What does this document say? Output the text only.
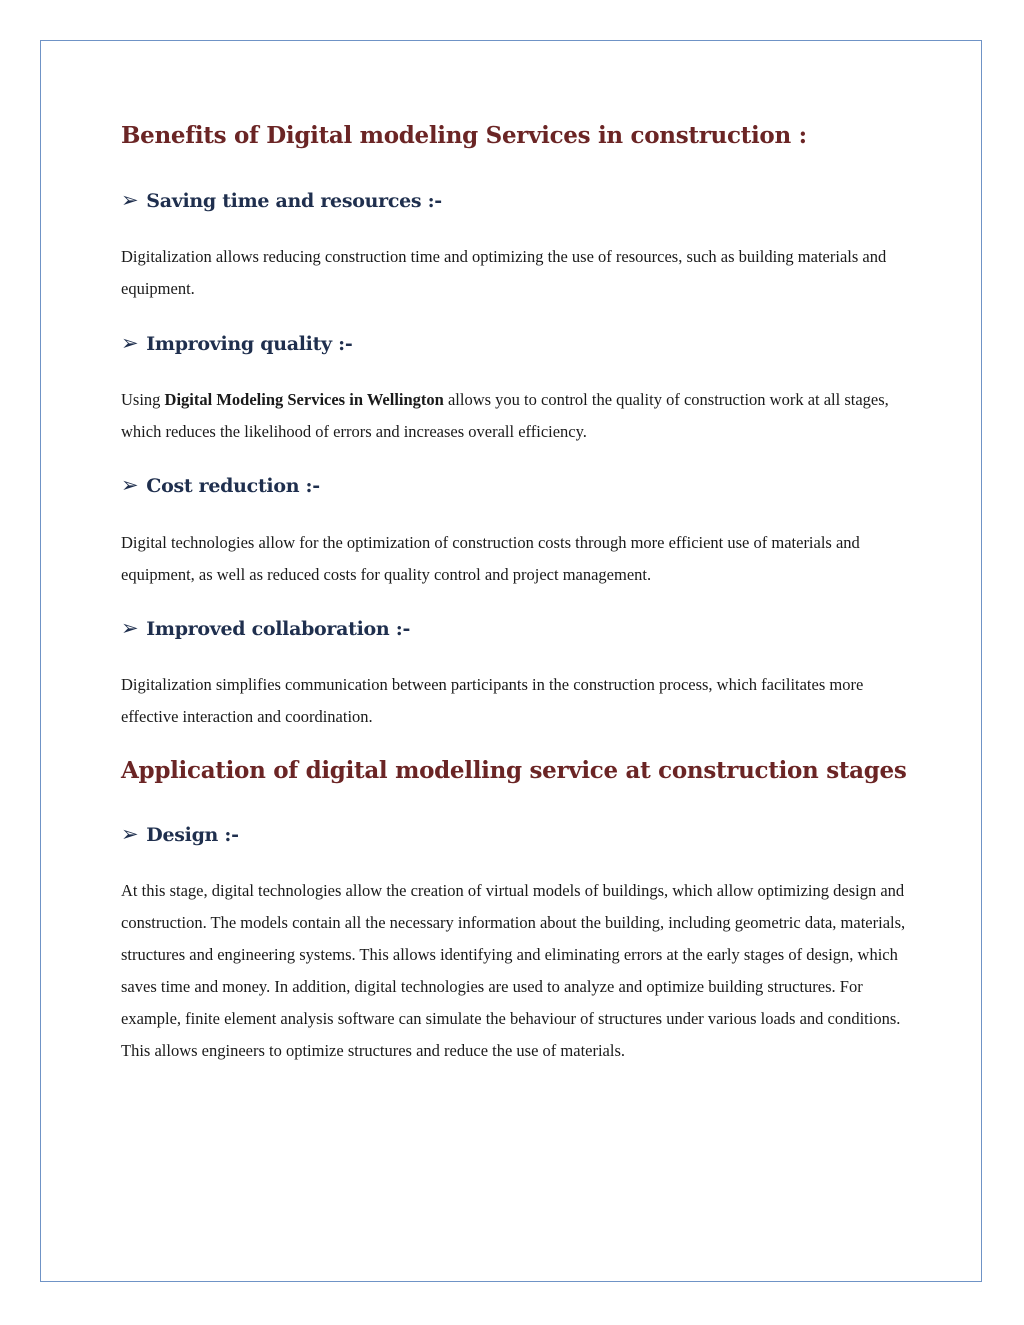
Benefits of Digital modeling Services in construction :
➢ Saving time and resources :-

Digitalization allows reducing construction time and optimizing the use of resources, such as building materials and equipment.

➢ Improving quality :-

Using Digital Modeling Services in Wellington allows you to control the quality of construction work at all stages, which reduces the likelihood of errors and increases overall efficiency.

➢ Cost reduction :-

Digital technologies allow for the optimization of construction costs through more efficient use of materials and equipment, as well as reduced costs for quality control and project management.

➢ Improved collaboration :-

Digitalization simplifies communication between participants in the construction process, which facilitates more effective interaction and coordination.

Application of digital modelling service at construction stages
➢ Design :-

At this stage, digital technologies allow the creation of virtual models of buildings, which allow optimizing design and construction. The models contain all the necessary information about the building, including geometric data, materials, structures and engineering systems. This allows identifying and eliminating errors at the early stages of design, which saves time and money. In addition, digital technologies are used to analyze and optimize building structures. For example, finite element analysis software can simulate the behaviour of structures under various loads and conditions. This allows engineers to optimize structures and reduce the use of materials.
